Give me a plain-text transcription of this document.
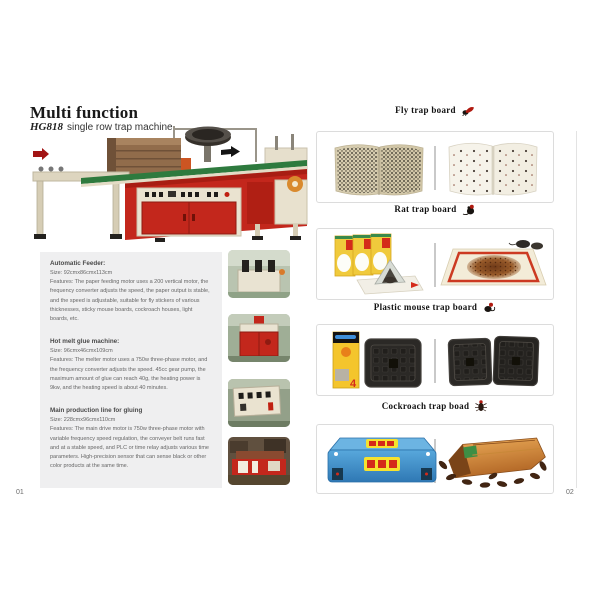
Multi function
HG818 single row trap machine
Automatic Feeder:
Size: 92cmx86cmx113cm
Features: The paper feeding motor uses a 200 vertical motor, the frequency converter adjusts the speed, the paper output is stable, and the speed is adjustable, suitable for fly stickers of various thicknesses, sticky mouse boards, cockroach houses, light boards, etc.
Hot melt glue machine:
Size: 96cmx46cmx109cm
Features: The melter motor uses a 750w three-phase motor, and the frequency converter adjusts the speed. 45cc gear pump, the maximum amount of glue can reach 40g, the heating power is 9kw, and the heating speed is about 40 minutes.
Main production line for gluing
Size: 228cmx96cmx110cm
Features: The main drive motor is 750w three-phase motor with variable frequency speed regulation, the conveyer belt runs fast and at a stable speed, and PLC or time relay adjusts various time parameters. High-precision sensor that can sense black or other color products at the same time.
01
Fly trap board
Rat trap board
Plastic mouse trap board
4
Cockroach trap boad
02
